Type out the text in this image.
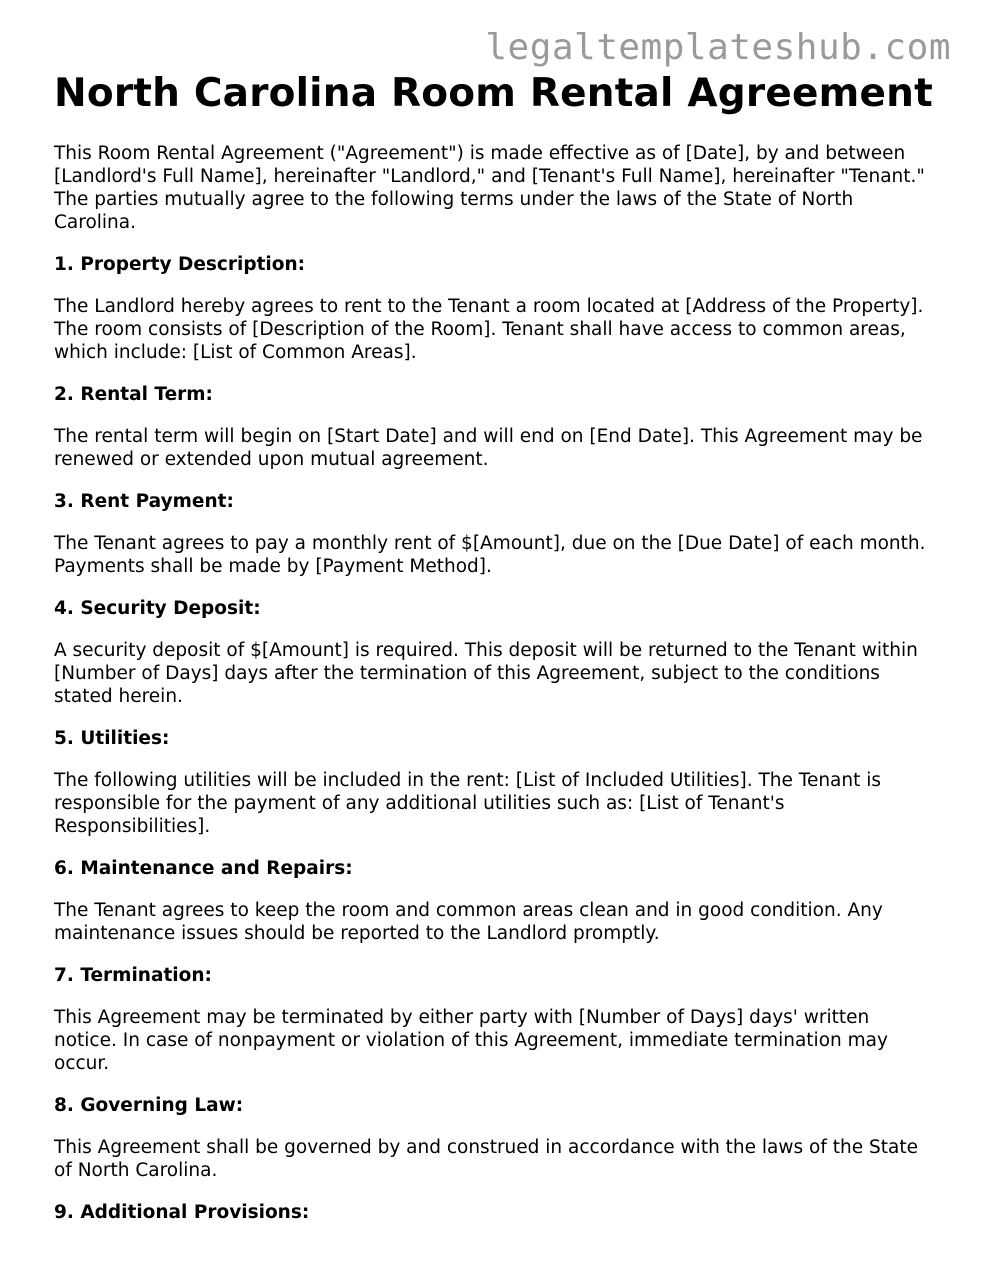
legaltemplateshub.com
North Carolina Room Rental Agreement

This Room Rental Agreement ("Agreement") is made effective as of [Date], by and between [Landlord's Full Name], hereinafter "Landlord," and [Tenant's Full Name], hereinafter "Tenant." The parties mutually agree to the following terms under the laws of the State of North Carolina.

1. Property Description:

The Landlord hereby agrees to rent to the Tenant a room located at [Address of the Property]. The room consists of [Description of the Room]. Tenant shall have access to common areas, which include: [List of Common Areas].

2. Rental Term:

The rental term will begin on [Start Date] and will end on [End Date]. This Agreement may be renewed or extended upon mutual agreement.

3. Rent Payment:

The Tenant agrees to pay a monthly rent of $[Amount], due on the [Due Date] of each month. Payments shall be made by [Payment Method].

4. Security Deposit:

A security deposit of $[Amount] is required. This deposit will be returned to the Tenant within [Number of Days] days after the termination of this Agreement, subject to the conditions stated herein.

5. Utilities:

The following utilities will be included in the rent: [List of Included Utilities]. The Tenant is responsible for the payment of any additional utilities such as: [List of Tenant's Responsibilities].

6. Maintenance and Repairs:

The Tenant agrees to keep the room and common areas clean and in good condition. Any maintenance issues should be reported to the Landlord promptly.

7. Termination:

This Agreement may be terminated by either party with [Number of Days] days' written notice. In case of nonpayment or violation of this Agreement, immediate termination may occur.

8. Governing Law:

This Agreement shall be governed by and construed in accordance with the laws of the State of North Carolina.

9. Additional Provisions:
